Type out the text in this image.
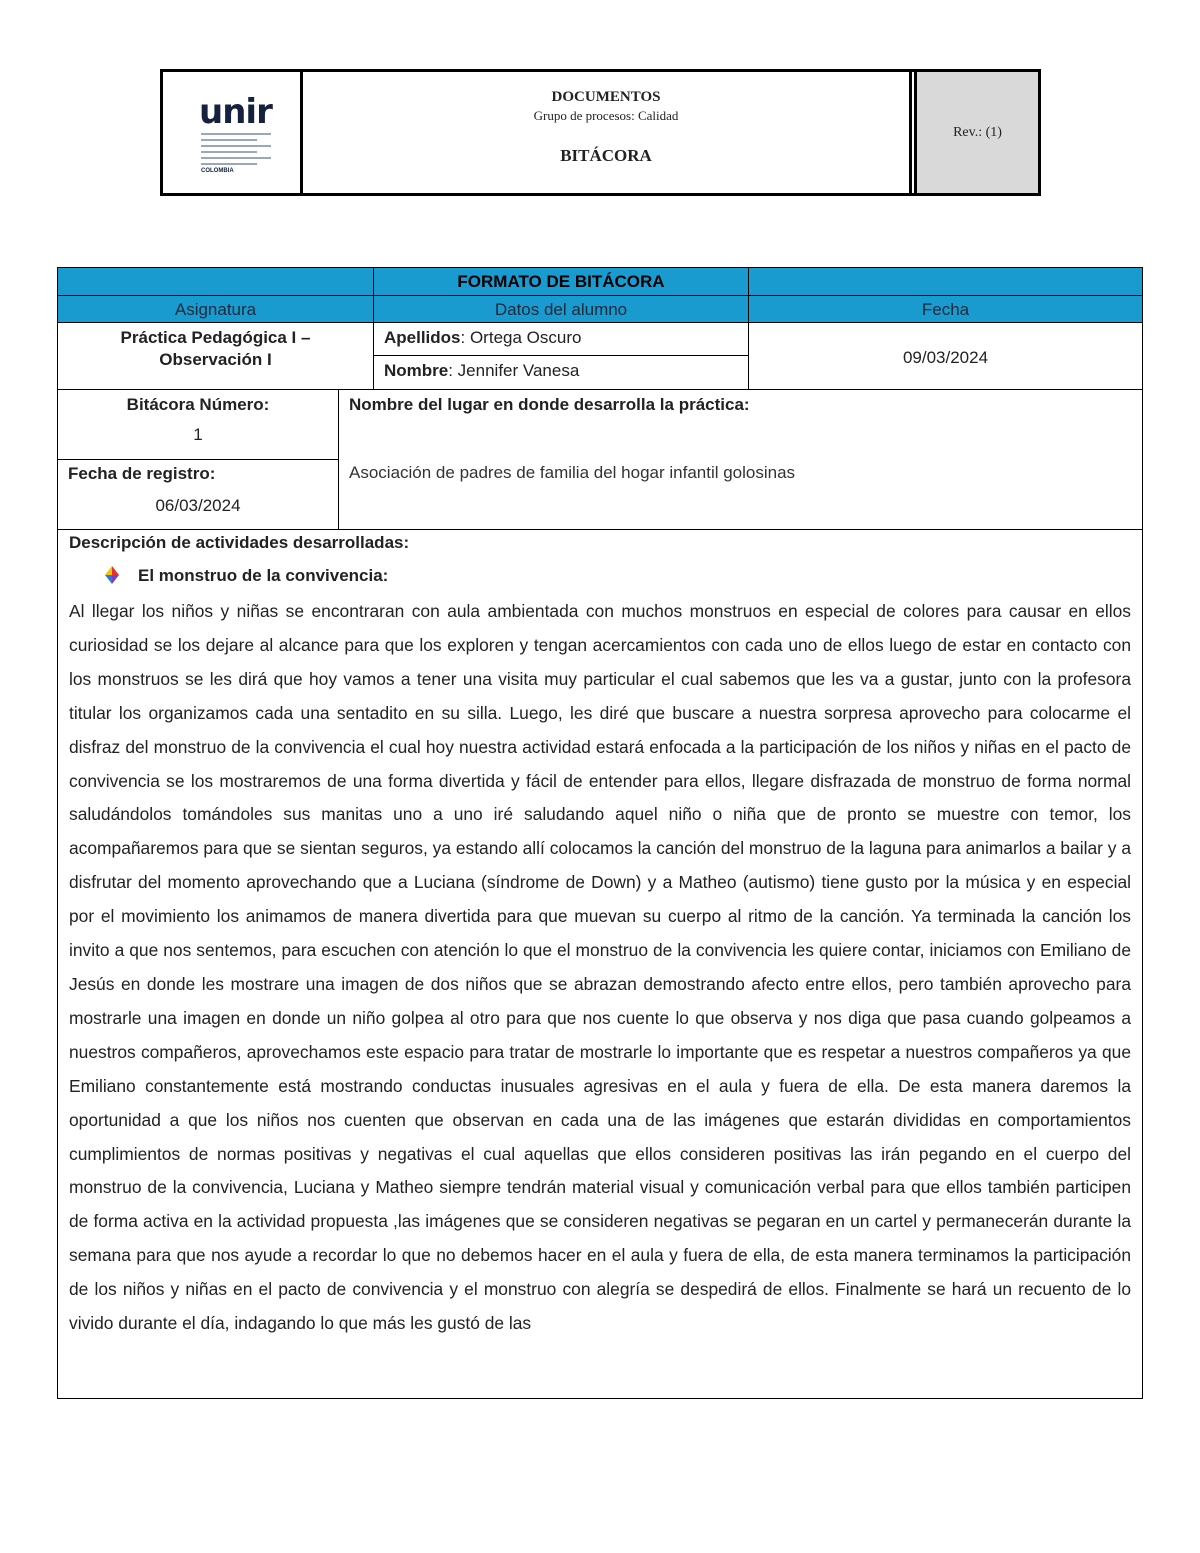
unir
COLOMBIA
DOCUMENTOS
Grupo de procesos: Calidad
BITÁCORA
Rev.: (1)
FORMATO DE BITÁCORA
Asignatura	Datos del alumno	Fecha
Práctica Pedagógica I – Observación I
Apellidos: Ortega Oscuro
Nombre: Jennifer Vanesa
09/03/2024
Bitácora Número:
1
Nombre del lugar en donde desarrolla la práctica:
Asociación de padres de familia del hogar infantil golosinas
Fecha de registro:
06/03/2024
Descripción de actividades desarrolladas:
El monstruo de la convivencia:

Al llegar los niños y niñas se encontraran con aula ambientada con muchos monstruos en especial de colores para causar en ellos curiosidad se los dejare al alcance para que los exploren y tengan acercamientos con cada uno de ellos luego de estar en contacto con los monstruos se les dirá que hoy vamos a tener una visita muy particular el cual sabemos que les va a gustar, junto con la profesora titular los organizamos cada una sentadito en su silla. Luego, les diré que buscare a nuestra sorpresa aprovecho para colocarme el disfraz del monstruo de la convivencia el cual hoy nuestra actividad estará enfocada a la participación de los niños y niñas en el pacto de convivencia se los mostraremos de una forma divertida y fácil de entender para ellos, llegare disfrazada de monstruo de forma normal saludándolos tomándoles sus manitas uno a uno iré saludando aquel niño o niña que de pronto se muestre con temor, los acompañaremos para que se sientan seguros, ya estando allí colocamos la canción del monstruo de la laguna para animarlos a bailar y a disfrutar del momento aprovechando que a Luciana (síndrome de Down) y a Matheo (autismo) tiene gusto por la música y en especial por el movimiento los animamos de manera divertida para que muevan su cuerpo al ritmo de la canción. Ya terminada la canción los invito a que nos sentemos, para escuchen con atención lo que el monstruo de la convivencia les quiere contar, iniciamos con Emiliano de Jesús en donde les mostrare una imagen de dos niños que se abrazan demostrando afecto entre ellos, pero también aprovecho para mostrarle una imagen en donde un niño golpea al otro para que nos cuente lo que observa y nos diga que pasa cuando golpeamos a nuestros compañeros, aprovechamos este espacio para tratar de mostrarle lo importante que es respetar a nuestros compañeros ya que Emiliano constantemente está mostrando conductas inusuales agresivas en el aula y fuera de ella. De esta manera daremos la oportunidad a que los niños nos cuenten que observan en cada una de las imágenes que estarán divididas en comportamientos cumplimientos de normas positivas y negativas el cual aquellas que ellos consideren positivas las irán pegando en el cuerpo del monstruo de la convivencia, Luciana y Matheo siempre tendrán material visual y comunicación verbal para que ellos también participen de forma activa en la actividad propuesta ,las imágenes que se consideren negativas se pegaran en un cartel y permanecerán durante la semana para que nos ayude a recordar lo que no debemos hacer en el aula y fuera de ella, de esta manera terminamos la participación de los niños y niñas en el pacto de convivencia y el monstruo con alegría se despedirá de ellos. Finalmente se hará un recuento de lo vivido durante el día, indagando lo que más les gustó de las
